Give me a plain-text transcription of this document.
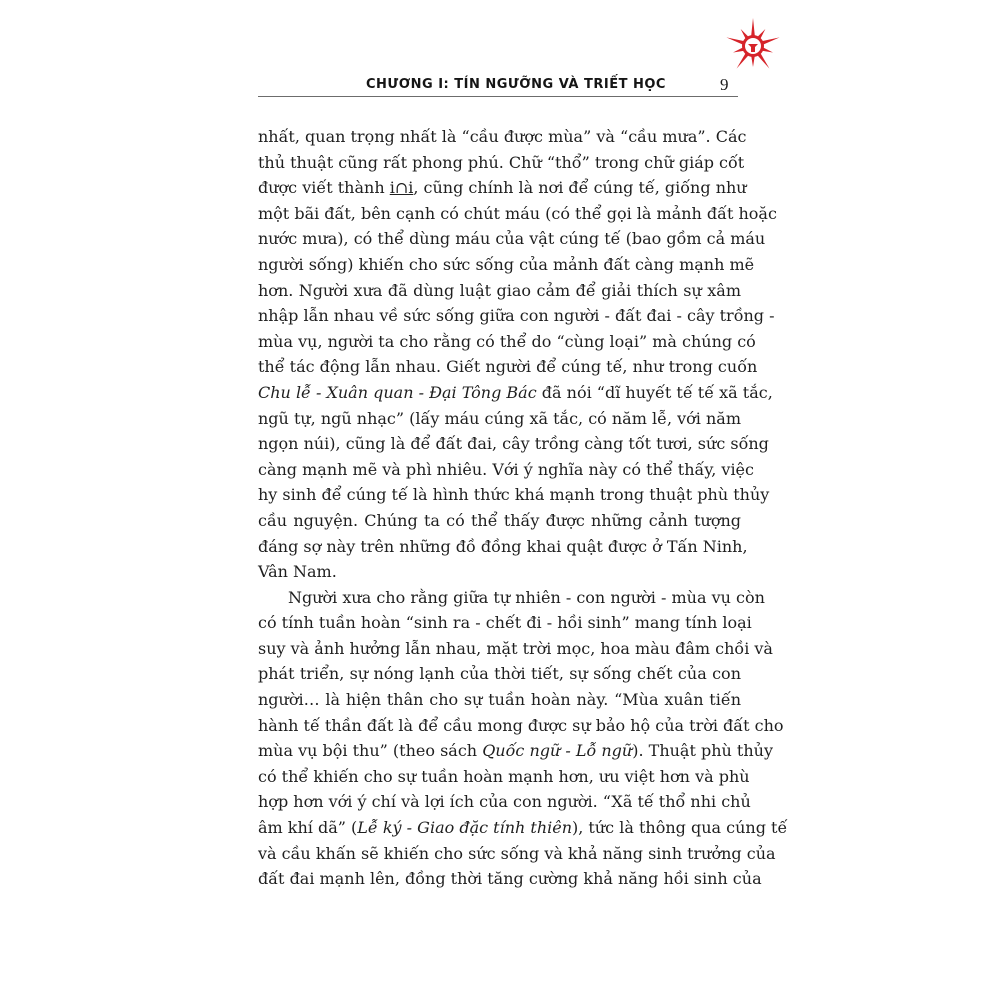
CHƯƠNG I: TÍN NGƯỠNG VÀ TRIẾT HỌC	9
nhất, quan trọng nhất là “cầu được mùa” và “cầu mưa”. Các
thủ thuật cũng rất phong phú. Chữ “thổ” trong chữ giáp cốt
được viết thành i∩i, cũng chính là nơi để cúng tế, giống như
một bãi đất, bên cạnh có chút máu (có thể gọi là mảnh đất hoặc
nước mưa), có thể dùng máu của vật cúng tế (bao gồm cả máu
người sống) khiến cho sức sống của mảnh đất càng mạnh mẽ
hơn. Người xưa đã dùng luật giao cảm để giải thích sự xâm
nhập lẫn nhau về sức sống giữa con người - đất đai - cây trồng -
mùa vụ, người ta cho rằng có thể do “cùng loại” mà chúng có
thể tác động lẫn nhau. Giết người để cúng tế, như trong cuốn
Chu lễ - Xuân quan - Đại Tông Bác đã nói “dĩ huyết tế tế xã tắc,
ngũ tự, ngũ nhạc” (lấy máu cúng xã tắc, có năm lễ, với năm
ngọn núi), cũng là để đất đai, cây trồng càng tốt tươi, sức sống
càng mạnh mẽ và phì nhiêu. Với ý nghĩa này có thể thấy, việc
hy sinh để cúng tế là hình thức khá mạnh trong thuật phù thủy
cầu nguyện. Chúng ta có thể thấy được những cảnh tượng
đáng sợ này trên những đồ đồng khai quật được ở Tấn Ninh,
Vân Nam.
Người xưa cho rằng giữa tự nhiên - con người - mùa vụ còn
có tính tuần hoàn “sinh ra - chết đi - hồi sinh” mang tính loại
suy và ảnh hưởng lẫn nhau, mặt trời mọc, hoa màu đâm chồi và
phát triển, sự nóng lạnh của thời tiết, sự sống chết của con
người… là hiện thân cho sự tuần hoàn này. “Mùa xuân tiến
hành tế thần đất là để cầu mong được sự bảo hộ của trời đất cho
mùa vụ bội thu” (theo sách Quốc ngữ - Lỗ ngữ). Thuật phù thủy
có thể khiến cho sự tuần hoàn mạnh hơn, ưu việt hơn và phù
hợp hơn với ý chí và lợi ích của con người. “Xã tế thổ nhi chủ
âm khí dã” (Lễ ký - Giao đặc tính thiên), tức là thông qua cúng tế
và cầu khấn sẽ khiến cho sức sống và khả năng sinh trưởng của
đất đai mạnh lên, đồng thời tăng cường khả năng hồi sinh của
